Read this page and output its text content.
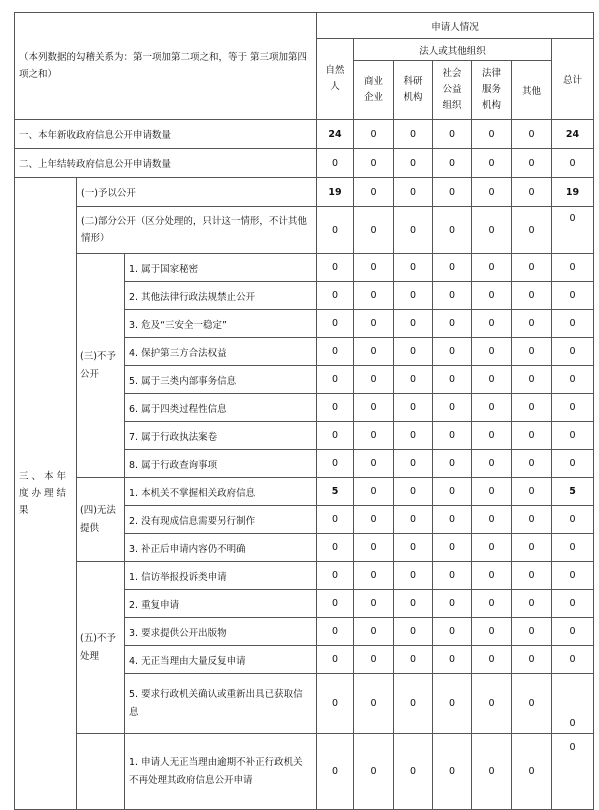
（本列数据的勾稽关系为：第一项加第二项之和，等于 第三项加第四项之和）			申请人情况						
			自然人	法人或其他组织					总计
				商业企业	科研机构	社会公益组织	法律服务机构	其他	
一、本年新收政府信息公开申请数量			24	0	0	0	0	0	24
二、上年结转政府信息公开申请数量			0	0	0	0	0	0	0
三、本年度办理结果	(一)予以公开		19	0	0	0	0	0	19
	(二)部分公开（区分处理的，只计这一情形，不计其他情形）		0	0	0	0	0	0	0
	(三)不予公开	1. 属于国家秘密	0	0	0	0	0	0	0
		2. 其他法律行政法规禁止公开	0	0	0	0	0	0	0
		3. 危及“三安全一稳定”	0	0	0	0	0	0	0
		4. 保护第三方合法权益	0	0	0	0	0	0	0
		5. 属于三类内部事务信息	0	0	0	0	0	0	0
		6. 属于四类过程性信息	0	0	0	0	0	0	0
		7. 属于行政执法案卷	0	0	0	0	0	0	0
		8. 属于行政查询事项	0	0	0	0	0	0	0
	(四)无法提供	1. 本机关不掌握相关政府信息	5	0	0	0	0	0	5
		2. 没有现成信息需要另行制作	0	0	0	0	0	0	0
		3. 补正后申请内容仍不明确	0	0	0	0	0	0	0
	(五)不予处理	1. 信访举报投诉类申请	0	0	0	0	0	0	0
		2. 重复申请	0	0	0	0	0	0	0
		3. 要求提供公开出版物	0	0	0	0	0	0	0
		4. 无正当理由大量反复申请	0	0	0	0	0	0	0
		5. 要求行政机关确认或重新出具已获取信息	0	0	0	0	0	0	0
		1. 申请人无正当理由逾期不补正行政机关不再处理其政府信息公开申请	0	0	0	0	0	0	0
